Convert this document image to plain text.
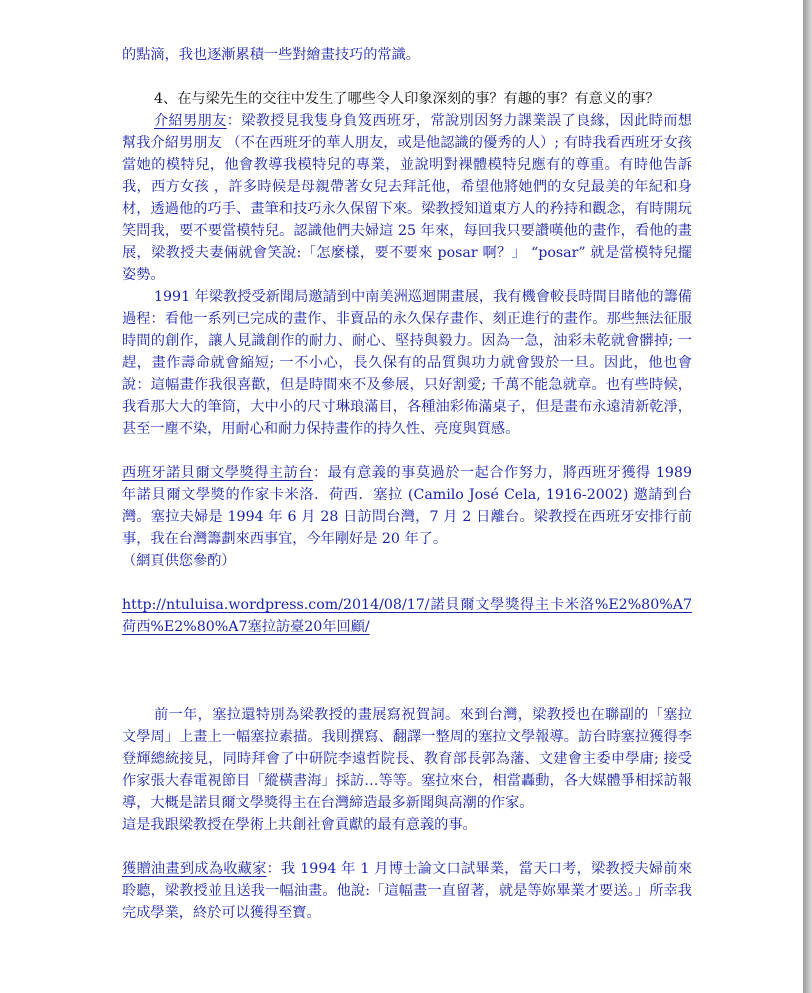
的點滴，我也逐漸累積一些對繪畫技巧的常識。

4、在与梁先生的交往中发生了哪些令人印象深刻的事？有趣的事？有意义的事？

介紹男朋友：梁教授見我隻身負笈西班牙，常說別因努力課業誤了良緣，因此時而想幫我介紹男朋友 （不在西班牙的華人朋友，或是他認識的優秀的人）; 有時我看西班牙女孩當她的模特兒，他會教導我模特兒的專業，並說明對裸體模特兒應有的尊重。有時他告訴我，西方女孩 ，許多時候是母親帶著女兒去拜託他，希望他將她們的女兒最美的年紀和身材，透過他的巧手、畫筆和技巧永久保留下來。梁教授知道東方人的矜持和觀念，有時開玩笑問我，要不要當模特兒。認識他們夫婦這 25 年來，每回我只要讚嘆他的畫作，看他的畫展，梁教授夫妻倆就會笑說:「怎麼樣，要不要來 posar 啊？」 “posar” 就是當模特兒擺姿勢。

1991 年梁教授受新聞局邀請到中南美洲巡迴開畫展，我有機會較長時間目睹他的籌備過程：看他一系列已完成的畫作、非賣品的永久保存畫作、刻正進行的畫作。那些無法征服時間的創作，讓人見識創作的耐力、耐心、堅持與毅力。因為一急，油彩未乾就會髒掉; 一趕，畫作壽命就會縮短; 一不小心，長久保有的品質與功力就會毀於一旦。因此，他也會說：這幅畫作我很喜歡，但是時間來不及參展，只好割愛; 千萬不能急就章。也有些時候，我看那大大的筆筒，大中小的尺寸琳琅滿目，各種油彩佈滿桌子，但是畫布永遠清新乾淨，甚至一塵不染，用耐心和耐力保持畫作的持久性、亮度與質感。

西班牙諾貝爾文學獎得主訪台：最有意義的事莫過於一起合作努力，將西班牙獲得 1989 年諾貝爾文學獎的作家卡米洛．荷西．塞拉 (Camilo José Cela, 1916-2002) 邀請到台灣。塞拉夫婦是 1994 年 6 月 28 日訪問台灣，7 月 2 日離台。梁教授在西班牙安排行前事，我在台灣籌劃來西事宜，今年剛好是 20 年了。

（網頁供您參酌）

http://ntuluisa.wordpress.com/2014/08/17/諾貝爾文學獎得主卡米洛%E2%80%A7荷西%E2%80%A7塞拉訪臺20年回顧/

前一年，塞拉還特別為梁教授的畫展寫祝賀詞。來到台灣，梁教授也在聯副的「塞拉文學周」上畫上一幅塞拉素描。我則撰寫、翻譯一整周的塞拉文學報導。訪台時塞拉獲得李登輝總統接見，同時拜會了中研院李遠哲院長、教育部長郭為藩、文建會主委申學庸; 接受作家張大春電視節目「縱橫書海」採訪…等等。塞拉來台，相當轟動，各大媒體爭相採訪報導，大概是諾貝爾文學獎得主在台灣締造最多新聞與高潮的作家。

這是我跟梁教授在學術上共創社會貢獻的最有意義的事。

獲贈油畫到成為收藏家：我 1994 年 1 月博士論文口試畢業，當天口考，梁教授夫婦前來聆聽，梁教授並且送我一幅油畫。他說:「這幅畫一直留著，就是等妳畢業才要送。」所幸我完成學業，終於可以獲得至寶。
